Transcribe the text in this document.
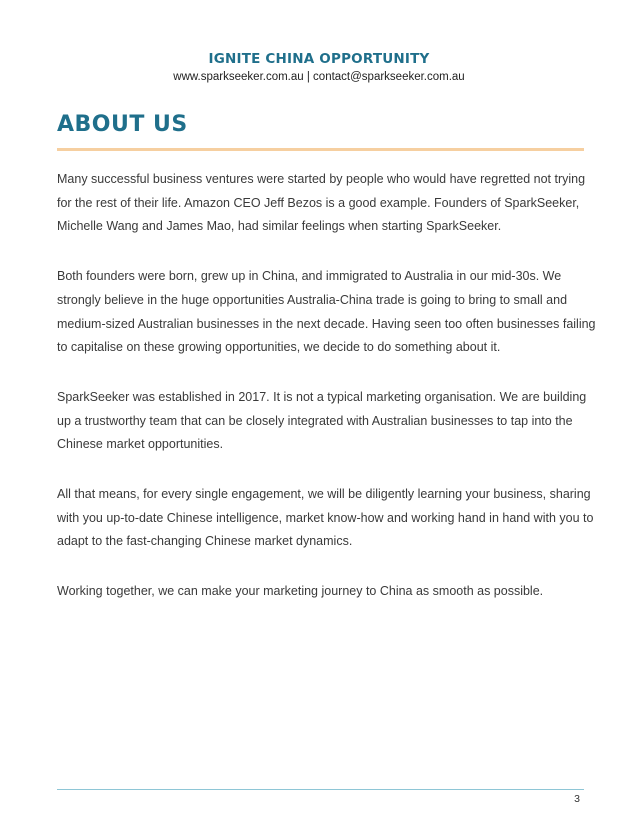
IGNITE CHINA OPPORTUNITY
www.sparkseeker.com.au | contact@sparkseeker.com.au
ABOUT US

Many successful business ventures were started by people who would have regretted not trying for the rest of their life. Amazon CEO Jeff Bezos is a good example. Founders of SparkSeeker, Michelle Wang and James Mao, had similar feelings when starting SparkSeeker.

Both founders were born, grew up in China, and immigrated to Australia in our mid-30s. We strongly believe in the huge opportunities Australia-China trade is going to bring to small and medium-sized Australian businesses in the next decade. Having seen too often businesses failing to capitalise on these growing opportunities, we decide to do something about it.

SparkSeeker was established in 2017. It is not a typical marketing organisation. We are building up a trustworthy team that can be closely integrated with Australian businesses to tap into the Chinese market opportunities.

All that means, for every single engagement, we will be diligently learning your business, sharing with you up-to-date Chinese intelligence, market know-how and working hand in hand with you to adapt to the fast-changing Chinese market dynamics.

Working together, we can make your marketing journey to China as smooth as possible.

3
